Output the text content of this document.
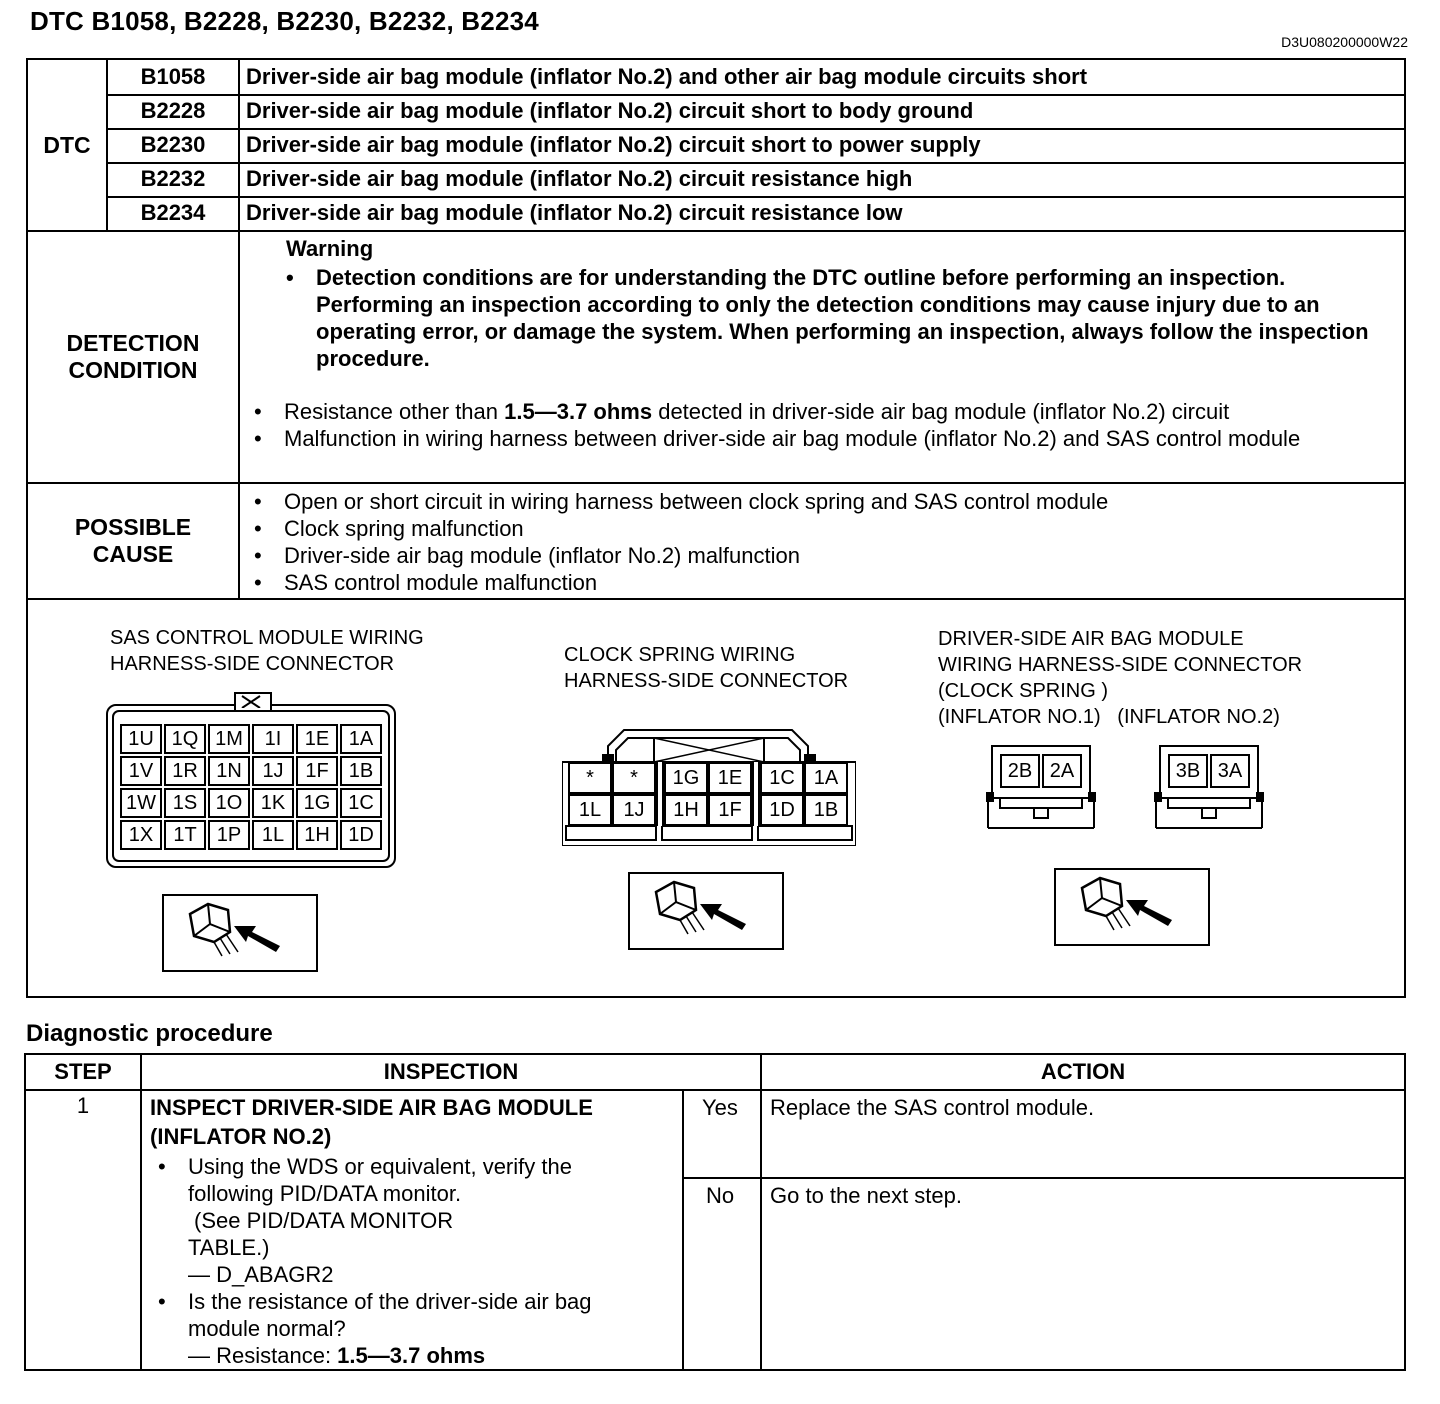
DTC B1058, B2228, B2230, B2232, B2234
D3U080200000W22
DTC
B1058	Driver-side air bag module (inflator No.2) and other air bag module circuits short
B2228	Driver-side air bag module (inflator No.2) circuit short to body ground
B2230	Driver-side air bag module (inflator No.2) circuit short to power supply
B2232	Driver-side air bag module (inflator No.2) circuit resistance high
B2234	Driver-side air bag module (inflator No.2) circuit resistance low
DETECTION
CONDITION
Warning
• Detection conditions are for understanding the DTC outline before performing an inspection. Performing an inspection according to only the detection conditions may cause injury due to an operating error, or damage the system. When performing an inspection, always follow the inspection procedure.
• Resistance other than 1.5—3.7 ohms detected in driver-side air bag module (inflator No.2) circuit
• Malfunction in wiring harness between driver-side air bag module (inflator No.2) and SAS control module
POSSIBLE
CAUSE
• Open or short circuit in wiring harness between clock spring and SAS control module
• Clock spring malfunction
• Driver-side air bag module (inflator No.2) malfunction
• SAS control module malfunction
SAS CONTROL MODULE WIRING
HARNESS-SIDE CONNECTOR
1U 1Q 1M	1I	1E 1A
1V 1R 1N	1J	1F	1B
1W 1S 1O 1K 1G 1C
1X	1T	1P	1L	1H 1D
CLOCK SPRING WIRING
HARNESS-SIDE CONNECTOR
*	*	1G 1E	1C 1A
1L	1J	1H 1F	1D 1B
DRIVER-SIDE AIR BAG MODULE
WIRING HARNESS-SIDE CONNECTOR
(CLOCK SPRING )
(INFLATOR NO.1) (INFLATOR NO.2)
2B 2A	3B 3A
Diagnostic procedure
STEP	INSPECTION	ACTION
1	INSPECT DRIVER-SIDE AIR BAG MODULE
(INFLATOR NO.2)
• Using the WDS or equivalent, verify the
following PID/DATA monitor.
(See PID/DATA MONITOR
TABLE.)
— D_ABAGR2
• Is the resistance of the driver-side air bag
module normal?
— Resistance: 1.5—3.7 ohms
Yes Replace the SAS control module.
No Go to the next step.
